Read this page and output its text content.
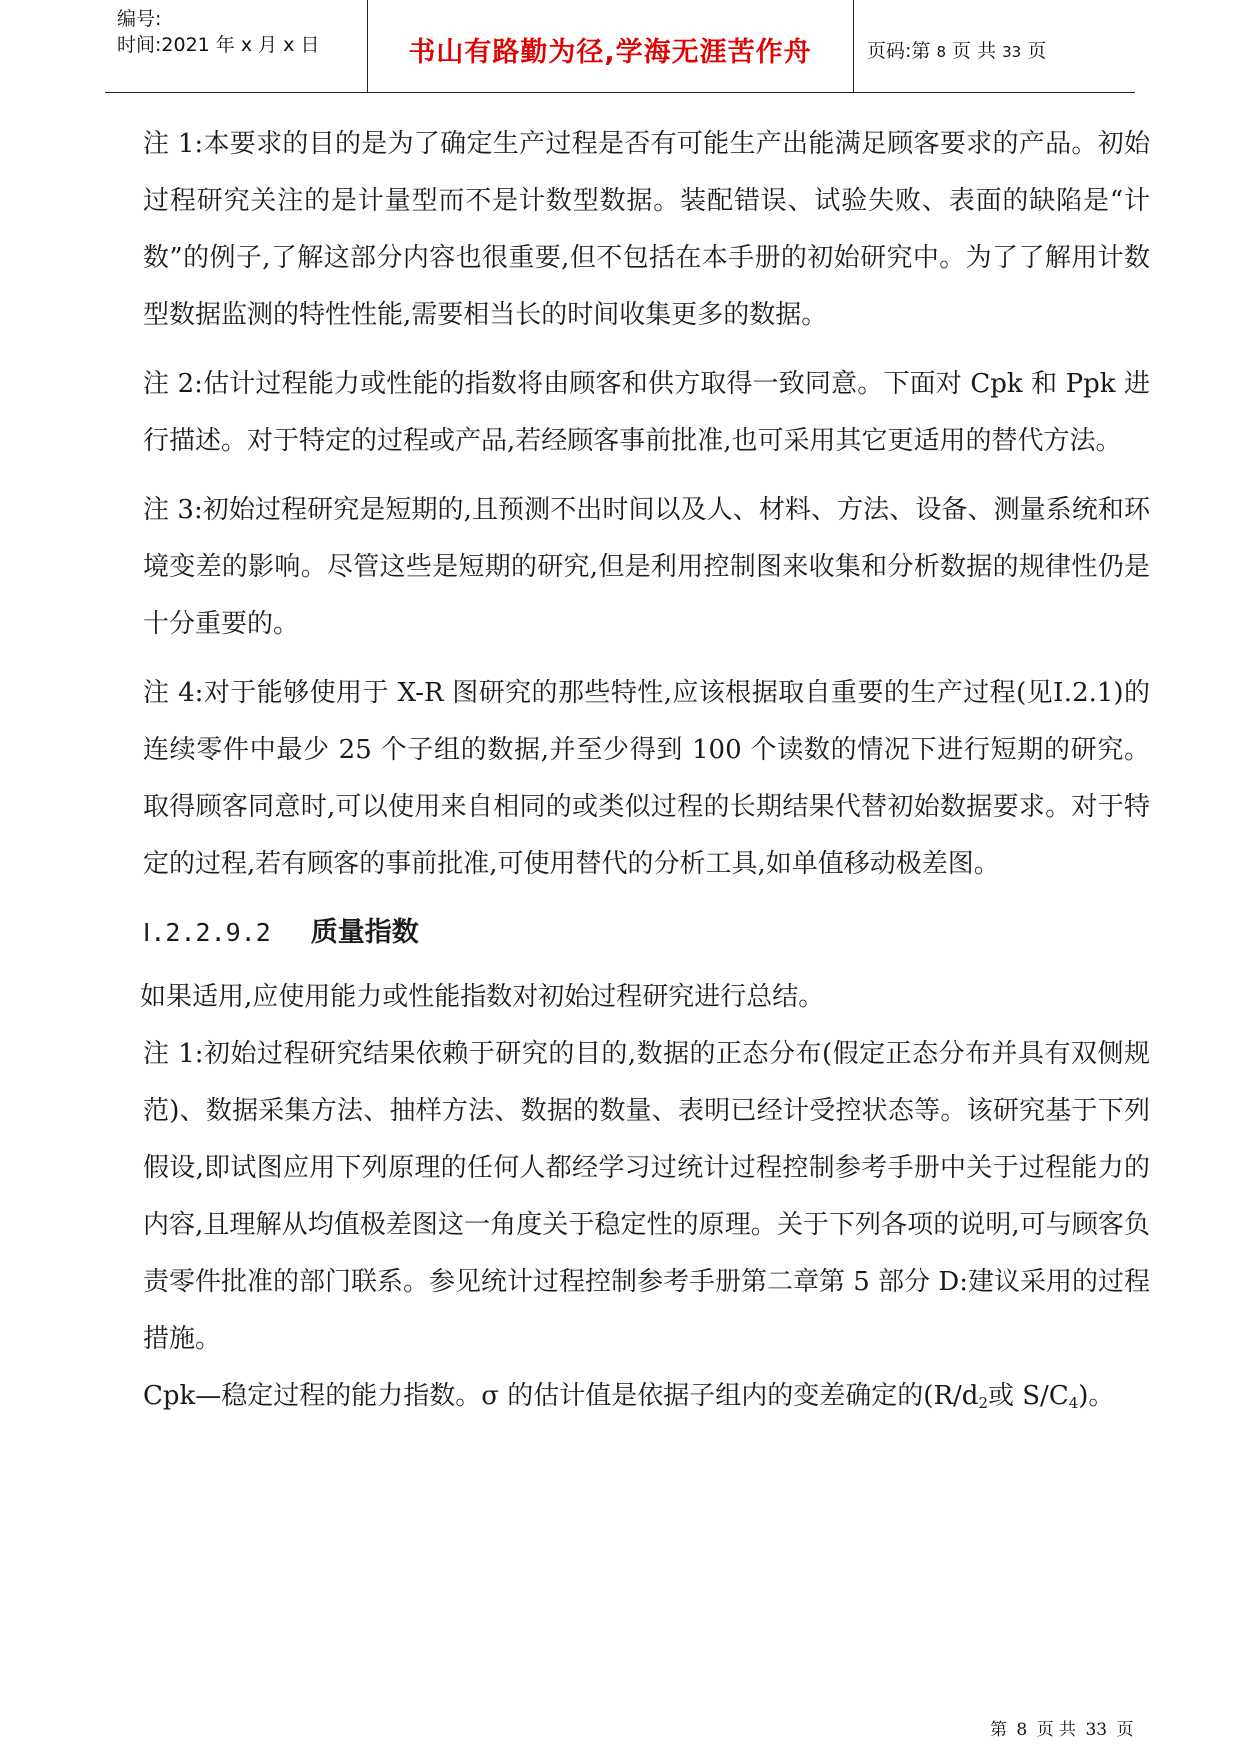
编号:
时间:2021 年 x 月 x 日	书山有路勤为径,学海无涯苦作舟	页码:第 8 页 共 33 页

注 1:本要求的目的是为了确定生产过程是否有可能生产出能满足顾客要求的产品。初始过程研究关注的是计量型而不是计数型数据。装配错误、试验失败、表面的缺陷是“计数”的例子,了解这部分内容也很重要,但不包括在本手册的初始研究中。为了了解用计数型数据监测的特性性能,需要相当长的时间收集更多的数据。

注 2:估计过程能力或性能的指数将由顾客和供方取得一致同意。下面对 Cpk 和 Ppk 进行描述。对于特定的过程或产品,若经顾客事前批准,也可采用其它更适用的替代方法。

注 3:初始过程研究是短期的,且预测不出时间以及人、材料、方法、设备、测量系统和环境变差的影响。尽管这些是短期的研究,但是利用控制图来收集和分析数据的规律性仍是十分重要的。

注 4:对于能够使用于 X-R 图研究的那些特性,应该根据取自重要的生产过程(见Ⅰ.2.1)的连续零件中最少 25 个子组的数据,并至少得到 100 个读数的情况下进行短期的研究。取得顾客同意时,可以使用来自相同的或类似过程的长期结果代替初始数据要求。对于特定的过程,若有顾客的事前批准,可使用替代的分析工具,如单值移动极差图。

Ⅰ.2.2.9.2 质量指数

如果适用,应使用能力或性能指数对初始过程研究进行总结。

注 1:初始过程研究结果依赖于研究的目的,数据的正态分布(假定正态分布并具有双侧规范)、数据采集方法、抽样方法、数据的数量、表明已经计受控状态等。该研究基于下列假设,即试图应用下列原理的任何人都经学习过统计过程控制参考手册中关于过程能力的内容,且理解从均值极差图这一角度关于稳定性的原理。关于下列各项的说明,可与顾客负责零件批准的部门联系。参见统计过程控制参考手册第二章第 5 部分 D:建议采用的过程措施。

Cpk—稳定过程的能力指数。σ 的估计值是依据子组内的变差确定的($R/d_2$或 $S/C_4$)。

第 8 页 共 33 页
